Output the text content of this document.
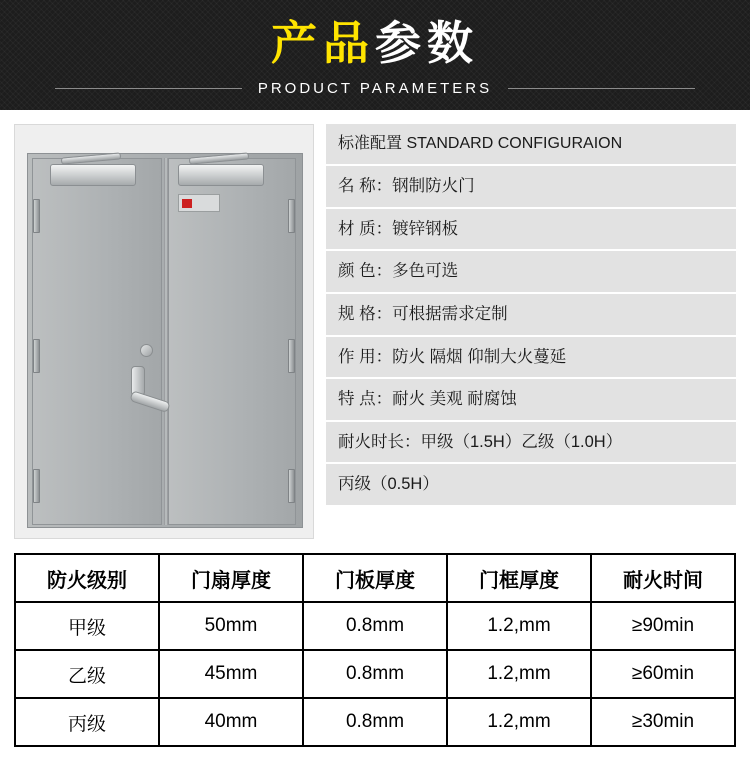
产品参数
PRODUCT PARAMETERS
标准配置 STANDARD CONFIGURAION
名 称：钢制防火门
材 质：镀锌钢板
颜 色：多色可选
规 格：可根据需求定制
作 用：防火 隔烟 仰制大火蔓延
特 点：耐火 美观 耐腐蚀
耐火时长：甲级（1.5H）乙级（1.0H）
丙级（0.5H）
防火级别	门扇厚度	门板厚度	门框厚度	耐火时间
甲级	50mm	0.8mm	1.2,mm	≥90min
乙级	45mm	0.8mm	1.2,mm	≥60min
丙级	40mm	0.8mm	1.2,mm	≥30min
